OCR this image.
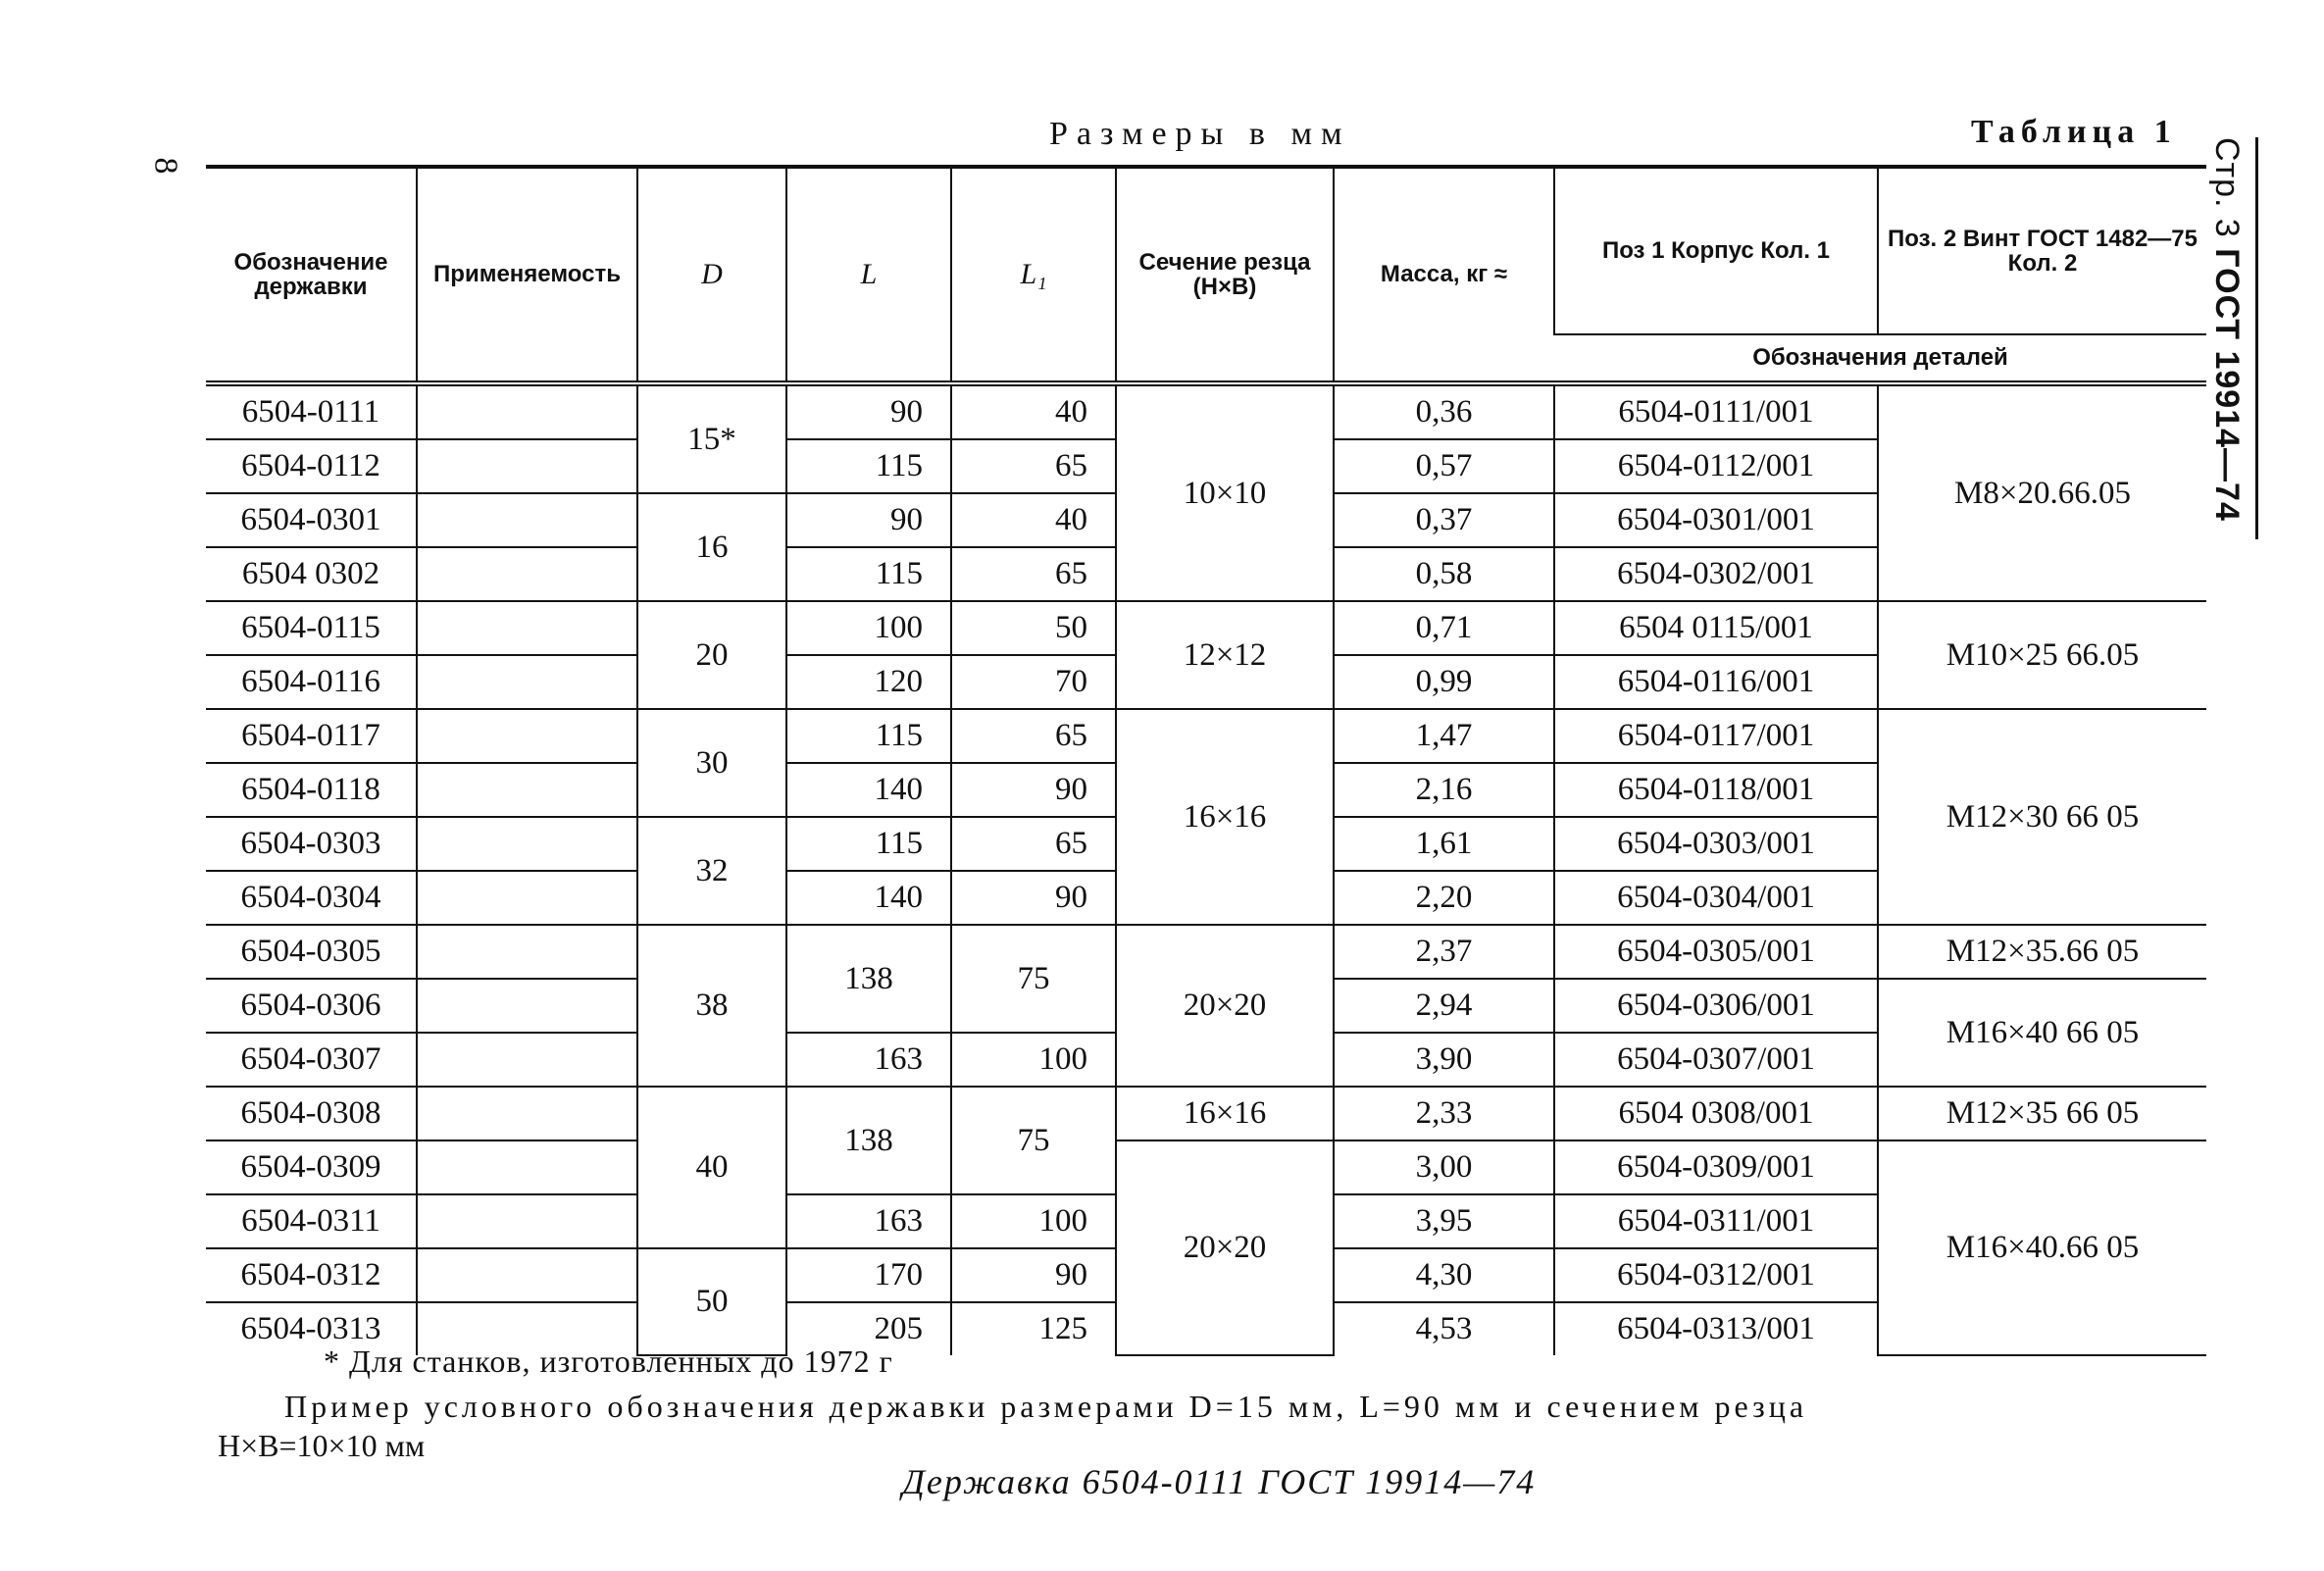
8
Размеры в мм	Таблица 1
Стр. 3 ГОСТ 19914—74
Обозначение державки	Применяемость	D	L	L₁	Сечение резца (H×B)	Масса, кг ≈	Поз 1 Корпус Кол. 1	Поз. 2 Винт ГОСТ 1482—75 Кол. 2
							Обозначения деталей	
6504-0111		15*	90	40	10×10	0,36	6504-0111/001	M8×20.66.05
6504-0112			115	65		0,57	6504-0112/001	
6504-0301		16	90	40		0,37	6504-0301/001	
6504 0302			115	65		0,58	6504-0302/001	
6504-0115		20	100	50	12×12	0,71	6504 0115/001	M10×25 66.05
6504-0116			120	70		0,99	6504-0116/001	
6504-0117		30	115	65	16×16	1,47	6504-0117/001	M12×30 66 05
6504-0118			140	90		2,16	6504-0118/001	
6504-0303		32	115	65		1,61	6504-0303/001	
6504-0304			140	90		2,20	6504-0304/001	
6504-0305		38	138	75	20×20	2,37	6504-0305/001	M12×35.66 05
6504-0306						2,94	6504-0306/001	M16×40 66 05
6504-0307			163	100		3,90	6504-0307/001	
6504-0308		40	138	75	16×16	2,33	6504 0308/001	M12×35 66 05
6504-0309					20×20	3,00	6504-0309/001	M16×40.66 05
6504-0311			163	100		3,95	6504-0311/001	
6504-0312		50	170	90		4,30	6504-0312/001	
6504-0313			205	125		4,53	6504-0313/001	
* Для станков, изготовленных до 1972 г
Пример условного обозначения державки размерами D=15 мм, L=90 мм и сечением резца
H×B=10×10 мм
Державка 6504-0111 ГОСТ 19914—74
